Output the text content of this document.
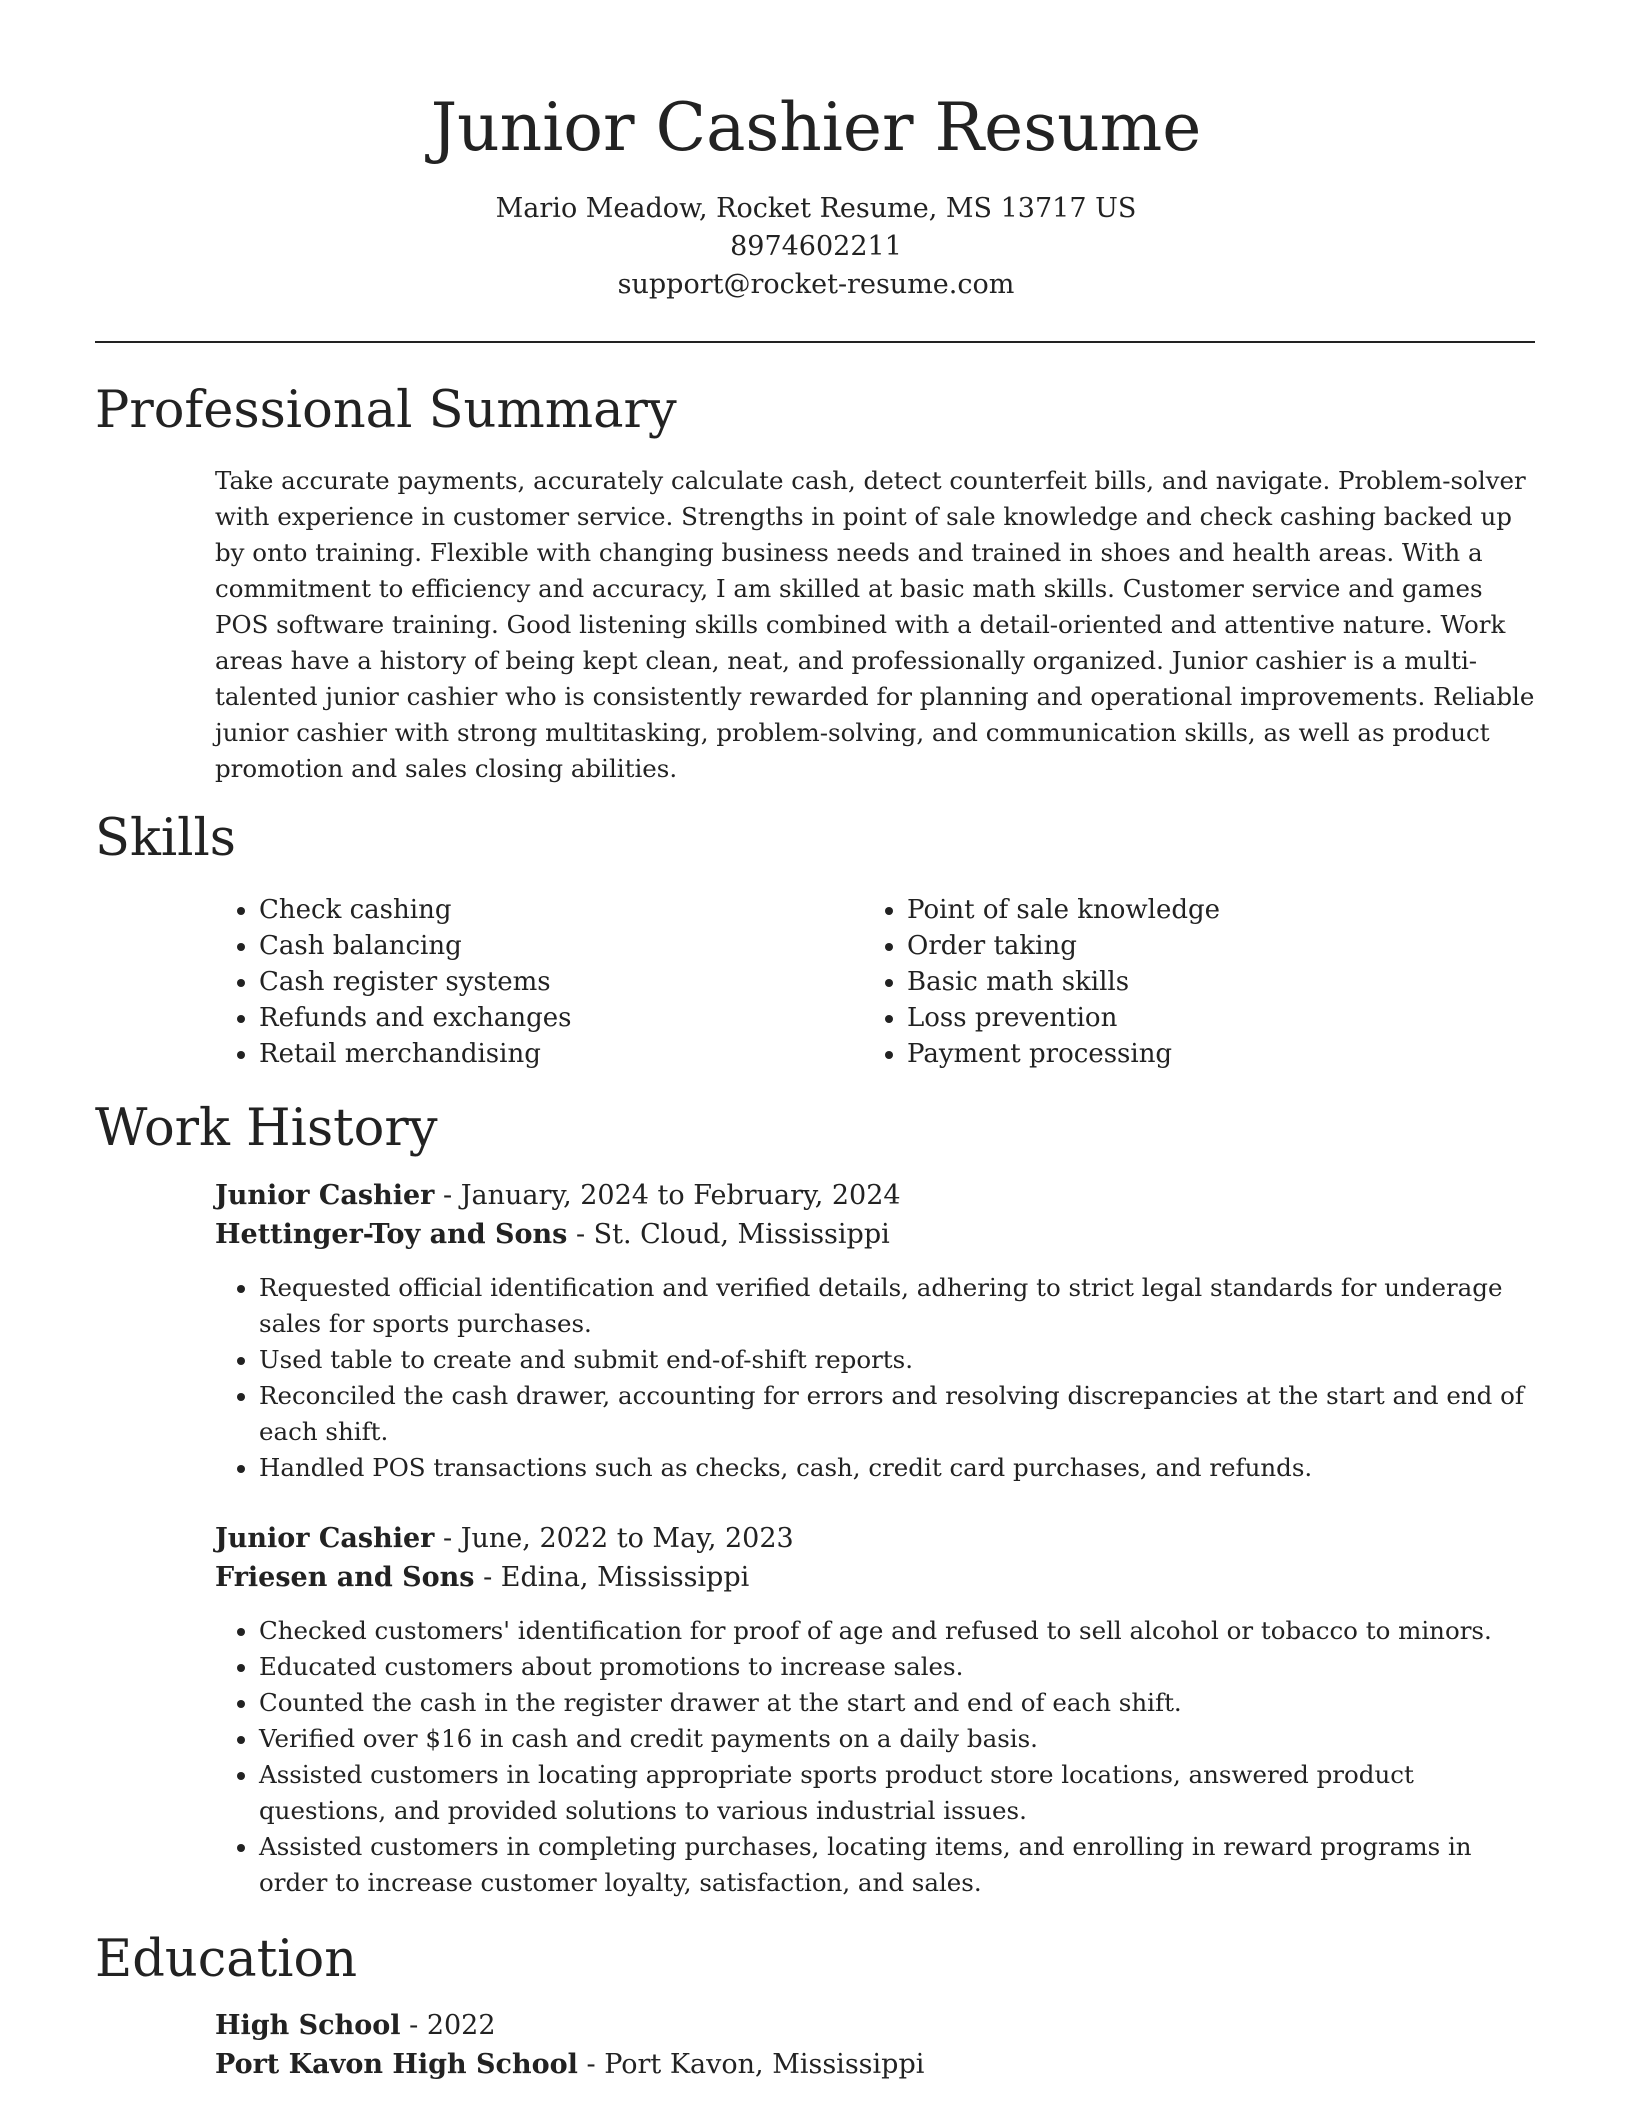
Junior Cashier Resume
Mario Meadow, Rocket Resume, MS 13717 US
8974602211
support@rocket-resume.com
Professional Summary

Take accurate payments, accurately calculate cash, detect counterfeit bills, and navigate. Problem-solver with experience in customer service. Strengths in point of sale knowledge and check cashing backed up by onto training. Flexible with changing business needs and trained in shoes and health areas. With a commitment to efficiency and accuracy, I am skilled at basic math skills. Customer service and games POS software training. Good listening skills combined with a detail-oriented and attentive nature. Work areas have a history of being kept clean, neat, and professionally organized. Junior cashier is a multi-talented junior cashier who is consistently rewarded for planning and operational improvements. Reliable junior cashier with strong multitasking, problem-solving, and communication skills, as well as product promotion and sales closing abilities.

Skills
• Check cashing
• Cash balancing
• Cash register systems
• Refunds and exchanges
• Retail merchandising
• Point of sale knowledge
• Order taking
• Basic math skills
• Loss prevention
• Payment processing
Work History
Junior Cashier - January, 2024 to February, 2024
Hettinger-Toy and Sons - St. Cloud, Mississippi
• Requested official identification and verified details, adhering to strict legal standards for underage sales for sports purchases.
• Used table to create and submit end-of-shift reports.
• Reconciled the cash drawer, accounting for errors and resolving discrepancies at the start and end of each shift.
• Handled POS transactions such as checks, cash, credit card purchases, and refunds.
Junior Cashier - June, 2022 to May, 2023
Friesen and Sons - Edina, Mississippi
• Checked customers' identification for proof of age and refused to sell alcohol or tobacco to minors.
• Educated customers about promotions to increase sales.
• Counted the cash in the register drawer at the start and end of each shift.
• Verified over $16 in cash and credit payments on a daily basis.
• Assisted customers in locating appropriate sports product store locations, answered product questions, and provided solutions to various industrial issues.
• Assisted customers in completing purchases, locating items, and enrolling in reward programs in order to increase customer loyalty, satisfaction, and sales.
Education
High School - 2022
Port Kavon High School - Port Kavon, Mississippi
